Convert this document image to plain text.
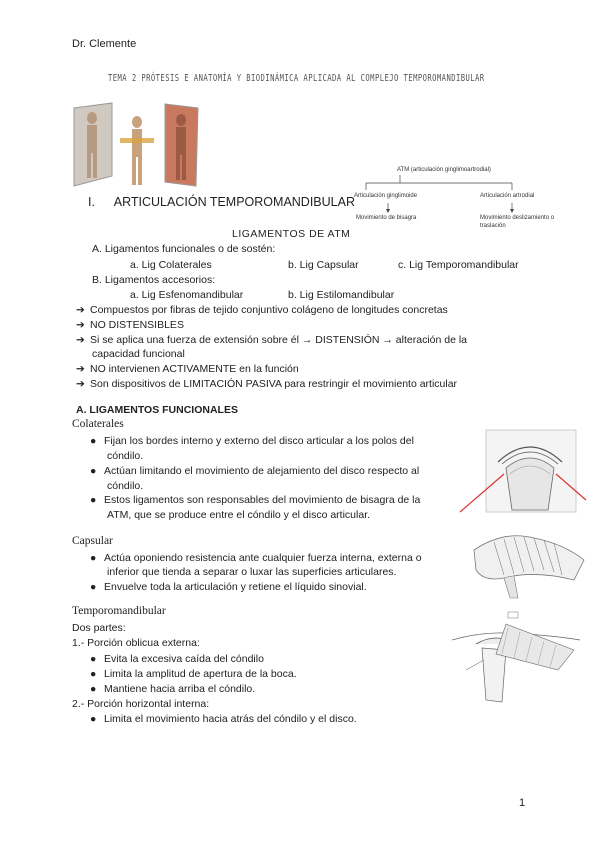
Dr. Clemente
TEMA 2 PRÓTESIS E ANATOMÍA Y BIODINÁMICA APLICADA AL COMPLEJO TEMPOROMANDIBULAR
I. ARTICULACIÓN TEMPOROMANDIBULAR
ATM (articulación ginglimoartrodial)
Articulación ginglimoide	Articulación artrodial
Movimiento de bisagra	Movimiento deslizamiento o
traslación
LIGAMENTOS DE ATM
A. Ligamentos funcionales o de sostén:
a. Lig Colaterales	b. Lig Capsular	c. Lig Temporomandibular
B. Ligamentos accesorios:
a. Lig Esfenomandibular	b. Lig Estilomandibular
➔ Compuestos por fibras de tejido conjuntivo colágeno de longitudes concretas
➔ NO DISTENSIBLES
➔ Si se aplica una fuerza de extensión sobre él → DISTENSIÓN → alteración de la
capacidad funcional
➔ NO intervienen ACTIVAMENTE en la función
➔ Son dispositivos de LIMITACIÓN PASIVA para restringir el movimiento articular
A. LIGAMENTOS FUNCIONALES
Colaterales
● Fijan los bordes interno y externo del disco articular a los polos del
cóndilo.
● Actúan limitando el movimiento de alejamiento del disco respecto al
cóndilo.
● Estos ligamentos son responsables del movimiento de bisagra de la
ATM, que se produce entre el cóndilo y el disco articular.
Capsular
● Actúa oponiendo resistencia ante cualquier fuerza interna, externa o
inferior que tienda a separar o luxar las superficies articulares.
● Envuelve toda la articulación y retiene el líquido sinovial.
Temporomandibular
Dos partes:
1.- Porción oblicua externa:
● Evita la excesiva caída del cóndilo
● Limita la amplitud de apertura de la boca.
● Mantiene hacia arriba el cóndilo.
2.- Porción horizontal interna:
● Limita el movimiento hacia atrás del cóndilo y el disco.
1
